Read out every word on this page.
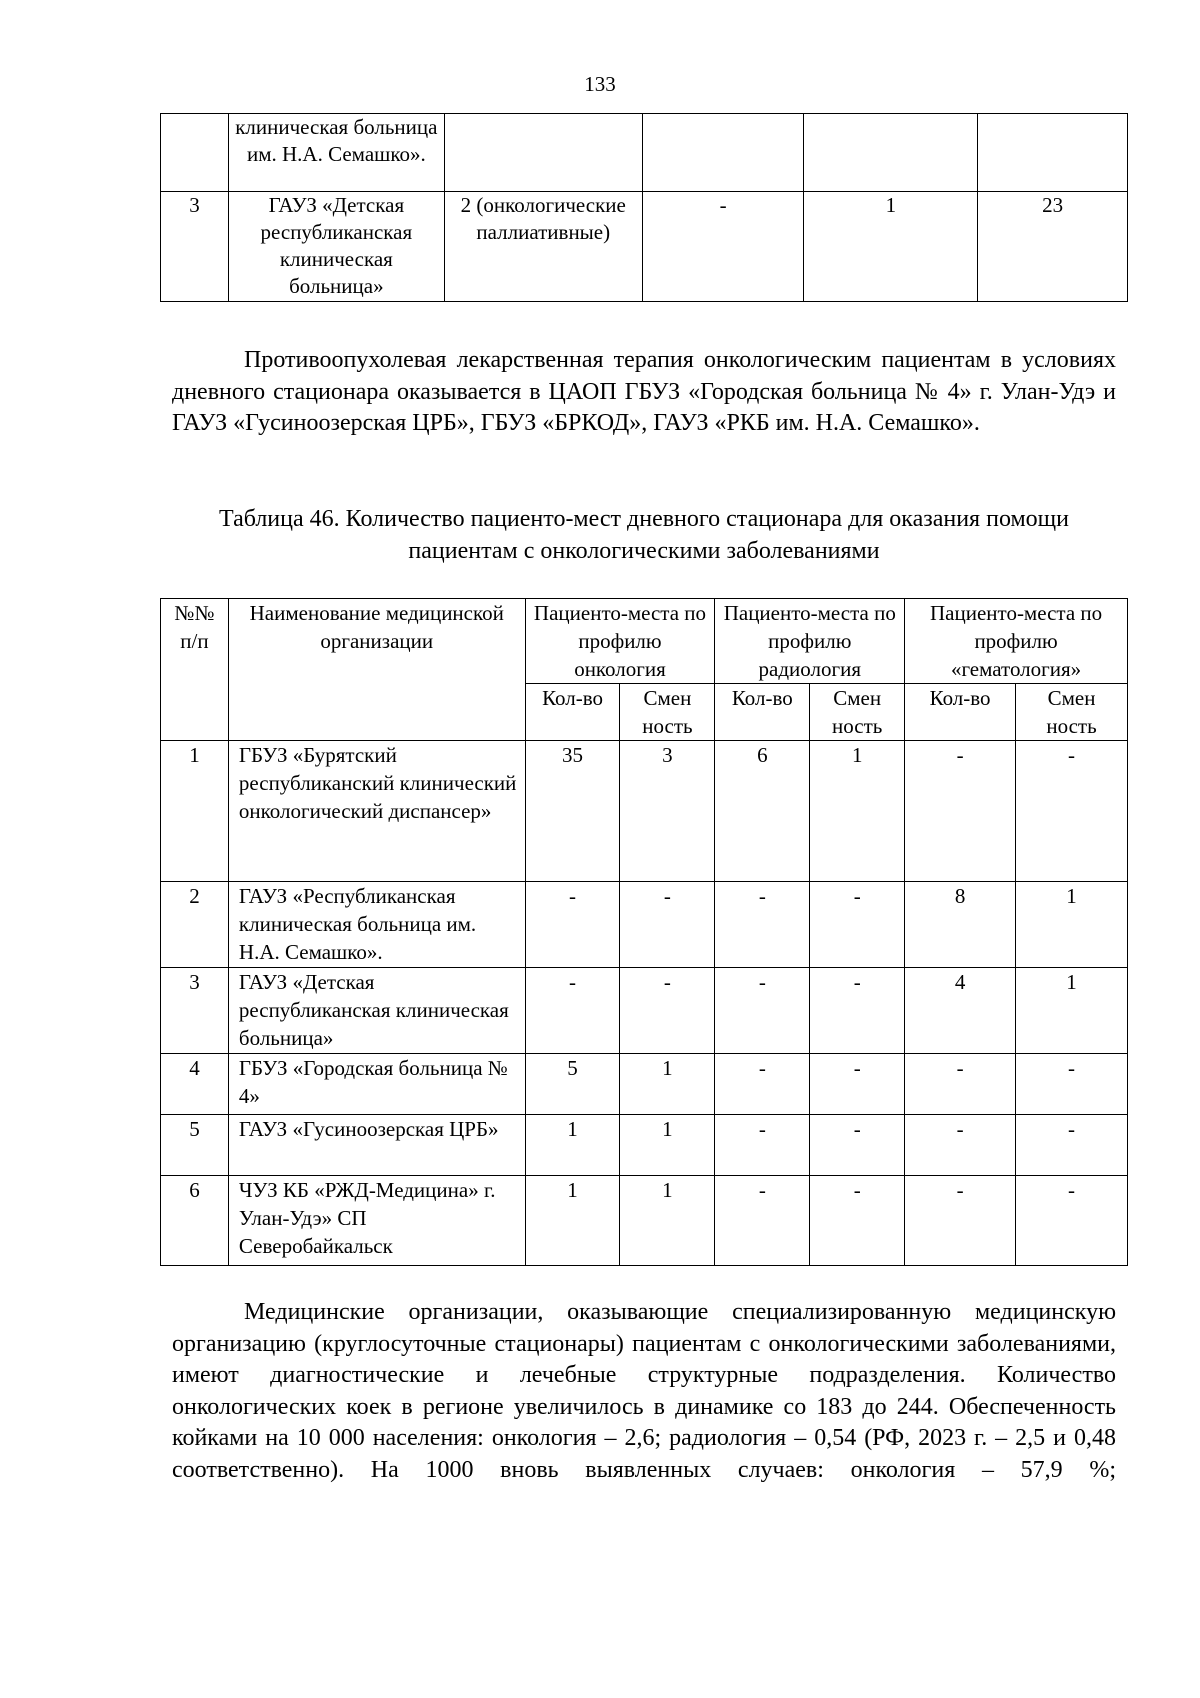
133
	клиническая больница им. Н.А. Семашко».				
3	ГАУЗ «Детская республиканская клиническая больница»	2 (онкологические паллиативные)	-	1	23

Противоопухолевая лекарственная терапия онкологическим пациентам в условиях дневного стационара оказывается в ЦАОП ГБУЗ «Городская больница № 4» г. Улан-Удэ и ГАУЗ «Гусиноозерская ЦРБ», ГБУЗ «БРКОД», ГАУЗ «РКБ им. Н.А. Семашко».

Таблица 46. Количество пациенто-мест дневного стационара для оказания помощи пациентам с онкологическими заболеваниями
№№ п/п	Наименование медицинской организации	Пациенто-места по профилю онкология		Пациенто-места по профилю радиология		Пациенто-места по профилю «гематология»	
		Кол-во	Смен ность	Кол-во	Смен ность	Кол-во	Смен ность
1	ГБУЗ «Бурятский республиканский клинический онкологический диспансер»	35	3	6	1	-	-
2	ГАУЗ «Республиканская клиническая больница им. Н.А. Семашко».	-	-	-	-	8	1
3	ГАУЗ «Детская республиканская клиническая больница»	-	-	-	-	4	1
4	ГБУЗ «Городская больница № 4»	5	1	-	-	-	-
5	ГАУЗ «Гусиноозерская ЦРБ»	1	1	-	-	-	-
6	ЧУЗ КБ «РЖД-Медицина» г. Улан-Удэ» СП Северобайкальск	1	1	-	-	-	-

Медицинские организации, оказывающие специализированную медицинскую организацию (круглосуточные стационары) пациентам с онкологическими заболеваниями, имеют диагностические и лечебные структурные подразделения. Количество онкологических коек в регионе увеличилось в динамике со 183 до 244. Обеспеченность койками на 10 000 населения: онкология – 2,6; радиология – 0,54 (РФ, 2023 г. – 2,5 и 0,48 соответственно). На 1000 вновь выявленных случаев: онкология – 57,9 %;
